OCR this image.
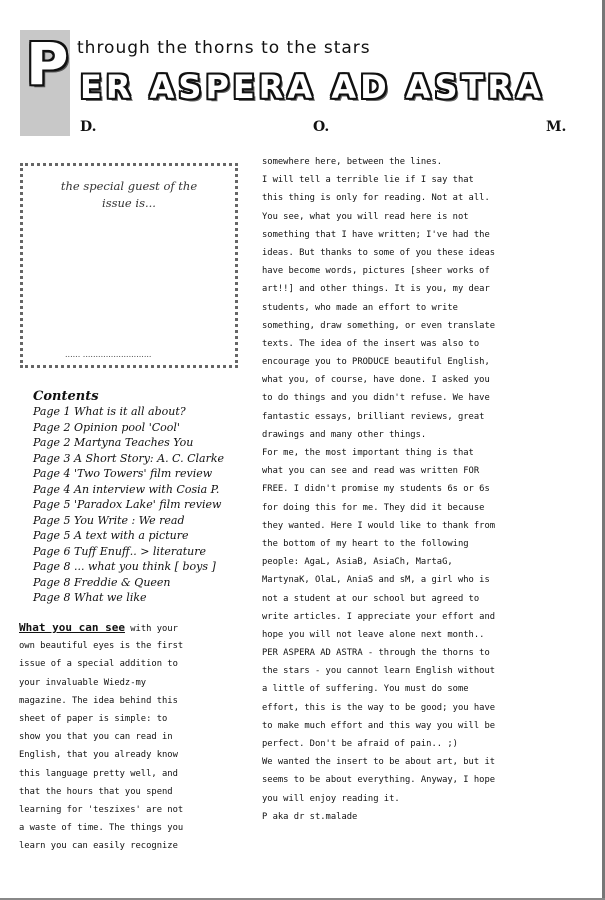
P through the thorns to the stars
ER ASPERA AD ASTRA
D.	O.	M.
the special guest of the issue is...
...... ...........................
Contents
Page 1 What is it all about?
Page 2 Opinion pool 'Cool'
Page 2 Martyna Teaches You
Page 3 A Short Story: A. C. Clarke
Page 4 'Two Towers' film review
Page 4 An interview with Cosia P.
Page 5 'Paradox Lake' film review
Page 5 You Write : We read
Page 5 A text with a picture
Page 6 Tuff Enuff.. > literature
Page 8 ... what you think [ boys ]
Page 8 Freddie & Queen
Page 8 What we like
What you can see with your
own beautiful eyes is the first
issue of a special addition to
your invaluable Wiedz-my
magazine. The idea behind this
sheet of paper is simple: to
show you that you can read in
English, that you already know
this language pretty well, and
that the hours that you spend
learning for 'teszixes' are not
a waste of time. The things you
learn you can easily recognize
somewhere here, between the lines.
I will tell a terrible lie if I say that
this thing is only for reading. Not at all.
You see, what you will read here is not
something that I have written; I've had the
ideas. But thanks to some of you these ideas
have become words, pictures [sheer works of
art!!] and other things. It is you, my dear
students, who made an effort to write
something, draw something, or even translate
texts. The idea of the insert was also to
encourage you to PRODUCE beautiful English,
what you, of course, have done. I asked you
to do things and you didn't refuse. We have
fantastic essays, brilliant reviews, great
drawings and many other things.
For me, the most important thing is that
what you can see and read was written FOR
FREE. I didn't promise my students 6s or 6s
for doing this for me. They did it because
they wanted. Here I would like to thank from
the bottom of my heart to the following
people: AgaL, AsiaB, AsiaCh, MartaG,
MartynaK, OlaL, AniaS and sM, a girl who is
not a student at our school but agreed to
write articles. I appreciate your effort and
hope you will not leave alone next month..
PER ASPERA AD ASTRA - through the thorns to
the stars - you cannot learn English without
a little of suffering. You must do some
effort, this is the way to be good; you have
to make much effort and this way you will be
perfect. Don't be afraid of pain.. ;)
We wanted the insert to be about art, but it
seems to be about everything. Anyway, I hope
you will enjoy reading it.
P aka dr st.malade
